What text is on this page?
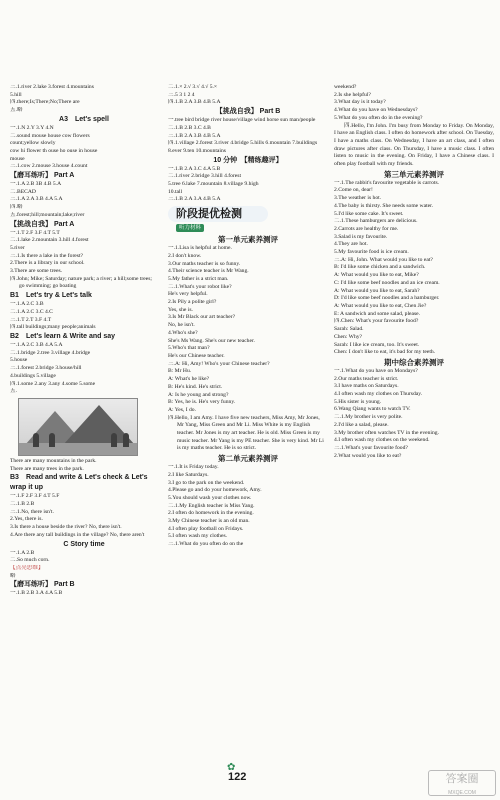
三.1.river 2.lake 3.forest 4.mountains
5.hill
四.there;Is;There;No;There are
五.略
A3　Let's spell
一.1.N 2.Y 3.Y 4.N
二.sound mouse house cow flowers
count;yellow slowly
cow hi flower th ouse ho ouse in house
mouse
三.1.cow 2.mouse 3.house 4.count
【磨耳练听】 Part A
一.1.A 2.B 3B 4.B 5.A
二.BECAD
三.1.A 2.A 3.B 4.A 5.A
四.略
五.forest;hill;mountain;lake;river
【挑战自我】 Part A
一.1.T 2.F 3.F 4.T 5.T
二.1.lake 2.mountain 3.hill 4.forest
5.river
三.1.Is there a lake in the forest?
2.There is a library in our school.
3.There are some trees.
四.John; Mike; Saturday; nature park; a river; a hill;some trees; go swimming; go boating
B1　Let's try & Let's talk
一.1.A 2.C 3.B
二.1.A 2.C 3.C 4.C
三.1.T 2.T 3.F 4.T
四.tall buildings;many people;animals
B2　Let's learn & Write and say
一.1.A 2.C 3.B 4.A 5.A
二.1.bridge 2.tree 3.village 4.bridge
5.house
三.1.forest 2.bridge 3.house/hill
4.buildings 5.village
四.1.some 2.any 3.any 4.some 5.some
五.
There are many mountains in the park.
There are many trees in the park.
B3　Read and write & Let's check & Let's wrap it up
一.1.F 2.F 3.F 4.T 5.F
二.1.B 2.B
三.1.No, there isn't.
2.Yes, there is.
3.Is there a house beside the river? No, there isn't.
4.Are there any tall buildings in the village? No, there aren't
C Story time
一.1.A 2.B
二.So much corn.
【点亮思维】
略
【磨耳练听】 Part B
一.1.B 2.B 3.A 4.A 5.B
二.1.× 2.√ 3.√ 4.√ 5.×
三.5 3 1 2 4
四.1.B 2.A 3.B 4.B 5.A
【挑战自我】 Part B
一.tree bird bridge river house/village wind horse sun man/people
二.1.B 2.B 3.C 4.B
三.1.B 2.A 3.B 4.B 5.A
四.1.village 2.forest 3.river 4.bridge 5.hills 6.mountain 7.buildings
8.ever 9.ten 10.mountains
10 分钟　【精练趣评】
一.1.B 2.A 3.C 4.A 5.B
二.1.river 2.bridge 3.hill 4.forest
5.tree 6.lake 7.mountain 8.village 9.high
10.tall
三.1.B 2.A 3.A 4.B 5.A
阶段提优检测
听力材料
第一单元素养测评
一.1.Lisa is helpful at home.
2.I don't know.
3.Our maths teacher is so funny.
4.Their science teacher is Mr Wang.
5.My father is a strict man.
二.1.What's your robot like?
He's very helpful.
2.Is Pily a polite girl?
Yes, she is.
3.Is Mr Black our art teacher?
No, he isn't.
4.Who's she?
She's Ms Wang. She's our new teacher.
5.Who's that man?
He's our Chinese teacher.
三.A: Hi, Amy! Who's your Chinese teacher?
B: Mr Hu.
A: What's he like?
B: He's kind. He's strict.
A: Is he young and strong?
B: Yes, he is. He's very funny.
A: Yes, I do.
四.Hello, I am Amy. I have five new teachers, Miss Amy, Mr Jones, Mr Yang, Miss Green and Mr Li. Miss White is my English teacher. Mr Jones is my art teacher. He is old. Miss Green is my music teacher. Mr Yang is my PE teacher. She is very kind. Mr Li is my maths teacher. He is so strict.
第二单元素养测评
一.1.It is Friday today.
2.I like Saturdays.
3.I go to the park on the weekend.
4.Please go and do your homework, Amy.
5.You should wash your clothes now.
二.1.My English teacher is Miss Yang.
2.I often do homework in the evening.
3.My Chinese teacher is an old man.
4.I often play football on Fridays.
5.I often wash my clothes.
三.1.What do you often do on the
weekend?
2.Is she helpful?
3.What day is it today?
4.What do you have on Wednesdays?
5.What do you often do in the evening?
四.Hello, I'm John. I'm busy from Monday to Friday. On Monday, I have an English class. I often do homework after school. On Tuesday, I have a maths class. On Wednesday, I have an art class, and I often draw pictures after class. On Thursday, I have a music class. I often listen to music in the evening. On Friday, I have a Chinese class. I often play football with my friends.
第三单元素养测评
一.1.The rabbit's favourite vegetable is carrots.
2.Come on, dear!
3.The weather is hot.
4.The baby is thirsty. She needs some water.
5.I'd like some cake. It's sweet.
二.1.These hamburgers are delicious.
2.Carrots are healthy for me.
3.Salad is my favourite.
4.They are hot.
5.My favourite food is ice cream.
三.A: Hi, John. What would you like to eat?
B: I'd like some chicken and a sandwich.
A: What would you like to eat, Mike?
C: I'd like some beef noodles and an ice cream.
A: What would you like to eat, Sarah?
D: I'd like some beef noodles and a hamburger.
A: What would you like to eat, Chen Jie?
E: A sandwich and some salad, please.
四.Chen: What's your favourite food?
Sarah: Salad.
Chen: Why?
Sarah: I like ice cream, too. It's sweet.
Chen: I don't like to eat, it's bad for my teeth.
期中综合素养测评
一.1.What do you have on Mondays?
2.Our maths teacher is strict.
3.I have maths on Saturdays.
4.I often wash my clothes on Thursday.
5.His sister is young.
6.Wang Qiang wants to watch TV.
二.1.My brother is very polite.
2.I'd like a salad, please.
3.My brother often watches TV in the evening.
4.I often wash my clothes on the weekend.
三.1.What's your favourite food?
2.What would you like to eat?
✿
122	答案圈
MXQE.COM
